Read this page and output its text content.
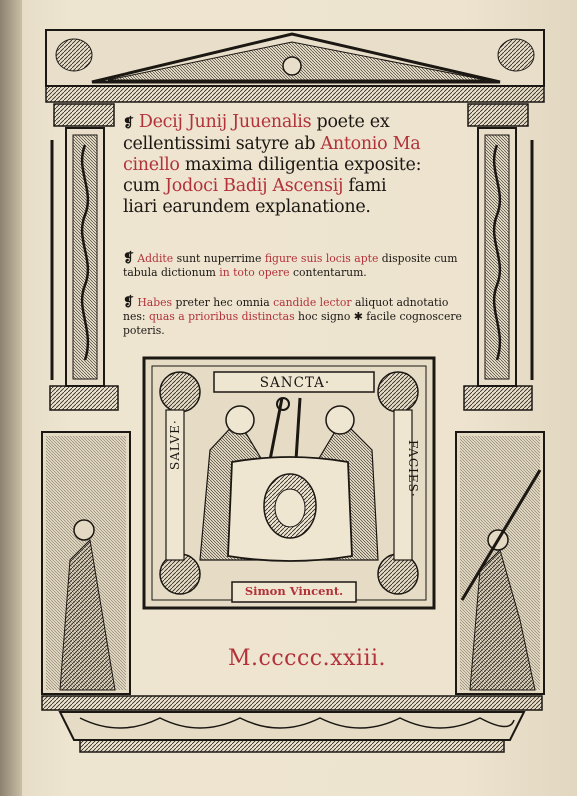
❡ Decij Junij Juuenalis poete ex
cellentissimi satyre ab Antonio Ma
cinello maxima diligentia exposite:
cum Jodoci Badij Ascensij fami
liari earundem explanatione.
❡ Addite sunt nuperrime figure suis locis apte disposite cum tabula dictionum in toto opere contentarum.
❡ Habes preter hec omnia candide lector aliquot adnotatio nes: quas a prioribus distinctas hoc signo ✱ facile cognoscere poteris.
SANCTA·
SALVE·	FACIES·
Simon Vincent.
M.ccccc.xxiii.
